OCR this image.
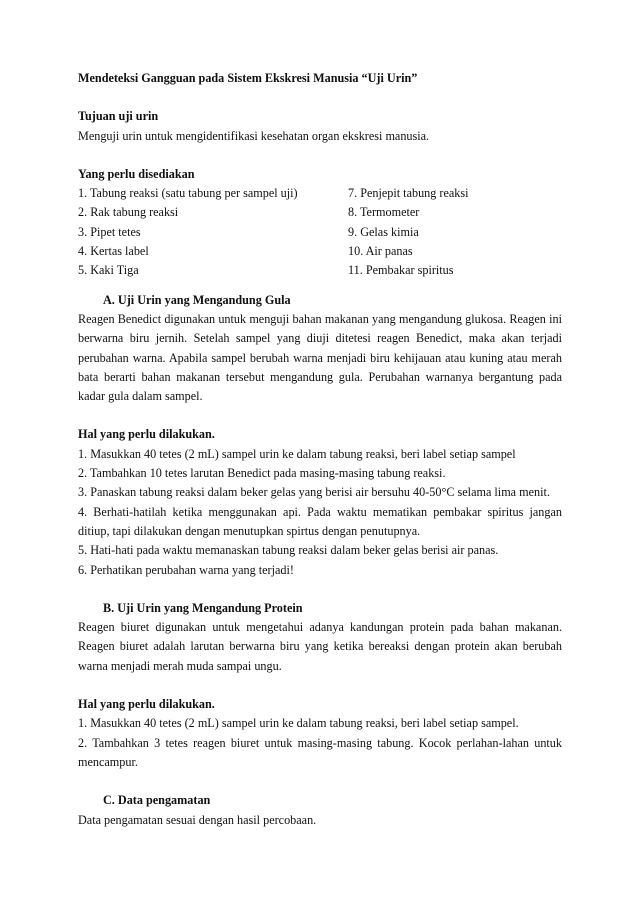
Mendeteksi Gangguan pada Sistem Ekskresi Manusia “Uji Urin”

Tujuan uji urin

Menguji urin untuk mengidentifikasi kesehatan organ ekskresi manusia.

Yang perlu disediakan

1. Tabung reaksi (satu tabung per sampel uji)

2. Rak tabung reaksi

3. Pipet tetes

4. Kertas label

5. Kaki Tiga

7. Penjepit tabung reaksi

8. Termometer

9. Gelas kimia

10. Air panas

11. Pembakar spiritus

A. Uji Urin yang Mengandung Gula

Reagen Benedict digunakan untuk menguji bahan makanan yang mengandung glukosa. Reagen ini berwarna biru jernih. Setelah sampel yang diuji ditetesi reagen Benedict, maka akan terjadi perubahan warna. Apabila sampel berubah warna menjadi biru kehijauan atau kuning atau merah bata berarti bahan makanan tersebut mengandung gula. Perubahan warnanya bergantung pada kadar gula dalam sampel.

Hal yang perlu dilakukan.

1. Masukkan 40 tetes (2 mL) sampel urin ke dalam tabung reaksi, beri label setiap sampel

2. Tambahkan 10 tetes larutan Benedict pada masing-masing tabung reaksi.

3. Panaskan tabung reaksi dalam beker gelas yang berisi air bersuhu 40-50°C selama lima menit.

4. Berhati-hatilah ketika menggunakan api. Pada waktu mematikan pembakar spiritus jangan ditiup, tapi dilakukan dengan menutupkan spirtus dengan penutupnya.

5. Hati-hati pada waktu memanaskan tabung reaksi dalam beker gelas berisi air panas.

6. Perhatikan perubahan warna yang terjadi!

B. Uji Urin yang Mengandung Protein

Reagen biuret digunakan untuk mengetahui adanya kandungan protein pada bahan makanan. Reagen biuret adalah larutan berwarna biru yang ketika bereaksi dengan protein akan berubah warna menjadi merah muda sampai ungu.

Hal yang perlu dilakukan.

1. Masukkan 40 tetes (2 mL) sampel urin ke dalam tabung reaksi, beri label setiap sampel.

2. Tambahkan 3 tetes reagen biuret untuk masing-masing tabung. Kocok perlahan-lahan untuk mencampur.

C. Data pengamatan

Data pengamatan sesuai dengan hasil percobaan.
